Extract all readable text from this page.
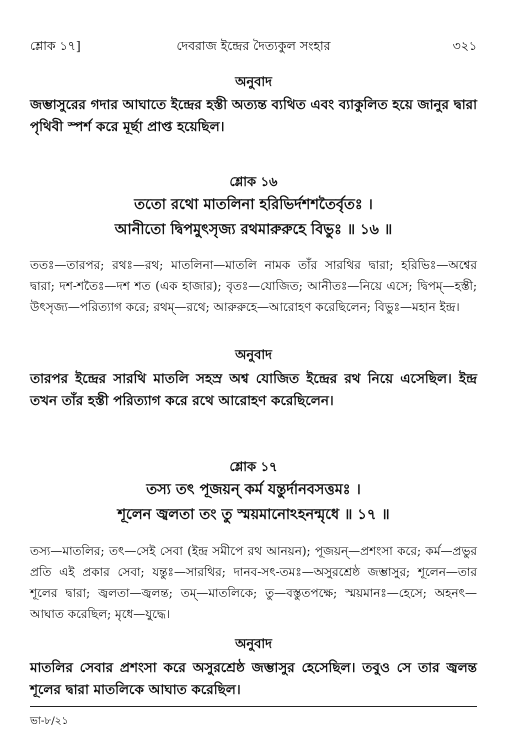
শ্লোক ১৭]	দেবরাজ ইন্দ্রের দৈত্যকুল সংহার	৩২১
অনুবাদ
জম্ভাসুরের গদার আঘাতে ইন্দ্রের হস্তী অত্যন্ত ব্যথিত এবং ব্যাকুলিত হয়ে জানুর দ্বারা পৃথিবী স্পর্শ করে মূর্ছা প্রাপ্ত হয়েছিল।
শ্লোক ১৬
ততো রথো মাতলিনা হরিভির্দশশতৈর্বৃতঃ ।
আনীতো দ্বিপমুৎসৃজ্য রথমারুরুহে বিভুঃ ॥ ১৬ ॥
ততঃ—তারপর; রথঃ—রথ; মাতলিনা—মাতলি নামক তাঁর সারথির দ্বারা; হরিভিঃ—অশ্বের দ্বারা; দশ-শতৈঃ—দশ শত (এক হাজার); বৃতঃ—যোজিত; আনীতঃ—নিয়ে এসে; দ্বিপম্—হস্তী; উৎসৃজ্য—পরিত্যাগ করে; রথম্—রথে; আরুরুহে—আরোহণ করেছিলেন; বিভুঃ—মহান ইন্দ্র।
অনুবাদ
তারপর ইন্দ্রের সারথি মাতলি সহস্র অশ্ব যোজিত ইন্দ্রের রথ নিয়ে এসেছিল। ইন্দ্র তখন তাঁর হস্তী পরিত্যাগ করে রথে আরোহণ করেছিলেন।
শ্লোক ১৭
তস্য তৎ পূজয়ন্ কর্ম যন্তুর্দানবসত্তমঃ ।
শূলেন জ্বলতা তং তু স্ময়মানোঽহনন্মৃধে ॥ ১৭ ॥
তস্য—মাতলির; তৎ—সেই সেবা (ইন্দ্র সমীপে রথ আনয়ন); পূজয়ন্—প্রশংসা করে; কর্ম—প্রভুর প্রতি এই প্রকার সেবা; যন্তুঃ—সারথির; দানব-সৎ-তমঃ—অসুরশ্রেষ্ঠ জম্ভাসুর; শূলেন—তার শূলের দ্বারা; জ্বলতা—জ্বলন্ত; তম্—মাতলিকে; তু—বস্তুতপক্ষে; স্ময়মানঃ—হেসে; অহনৎ—আঘাত করেছিল; মৃধে—যুদ্ধে।
অনুবাদ
মাতলির সেবার প্রশংসা করে অসুরশ্রেষ্ঠ জম্ভাসুর হেসেছিল। তবুও সে তার জ্বলন্ত শূলের দ্বারা মাতলিকে আঘাত করেছিল।
ভা-৮/২১
